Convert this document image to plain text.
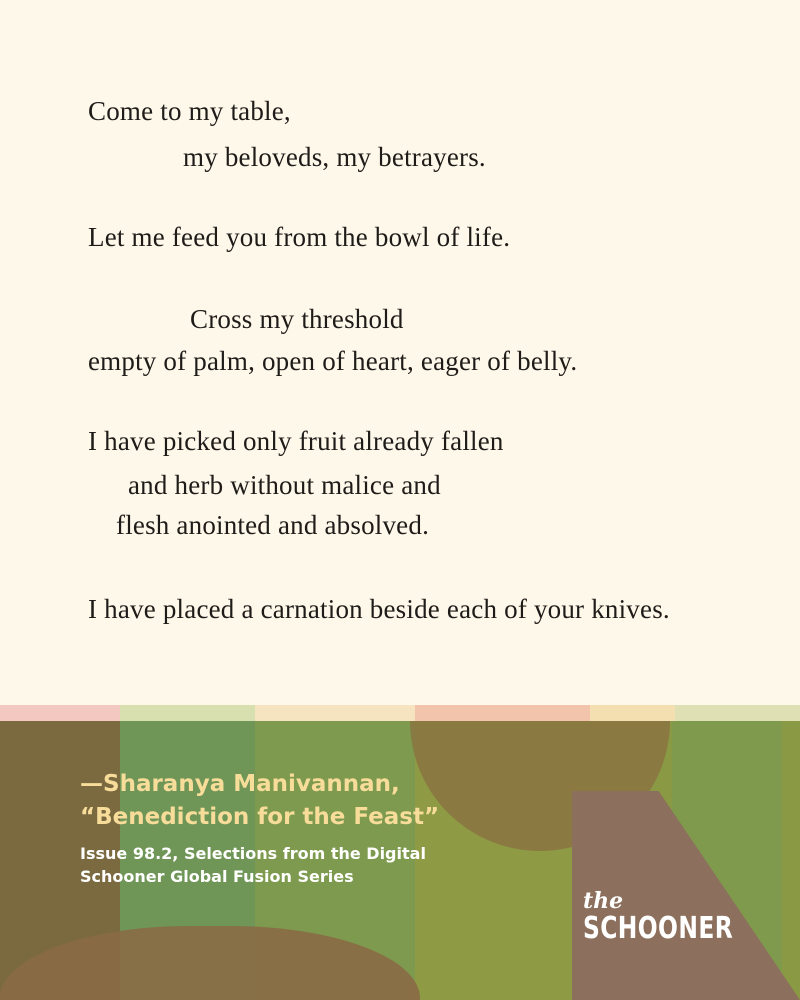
Come to my table,
my beloveds, my betrayers.
Let me feed you from the bowl of life.
Cross my threshold
empty of palm, open of heart, eager of belly.
I have picked only fruit already fallen
and herb without malice and
flesh anointed and absolved.
I have placed a carnation beside each of your knives.
—Sharanya Manivannan,
“Benediction for the Feast”
Issue 98.2, Selections from the Digital
Schooner Global Fusion Series
the
SCHOONER
